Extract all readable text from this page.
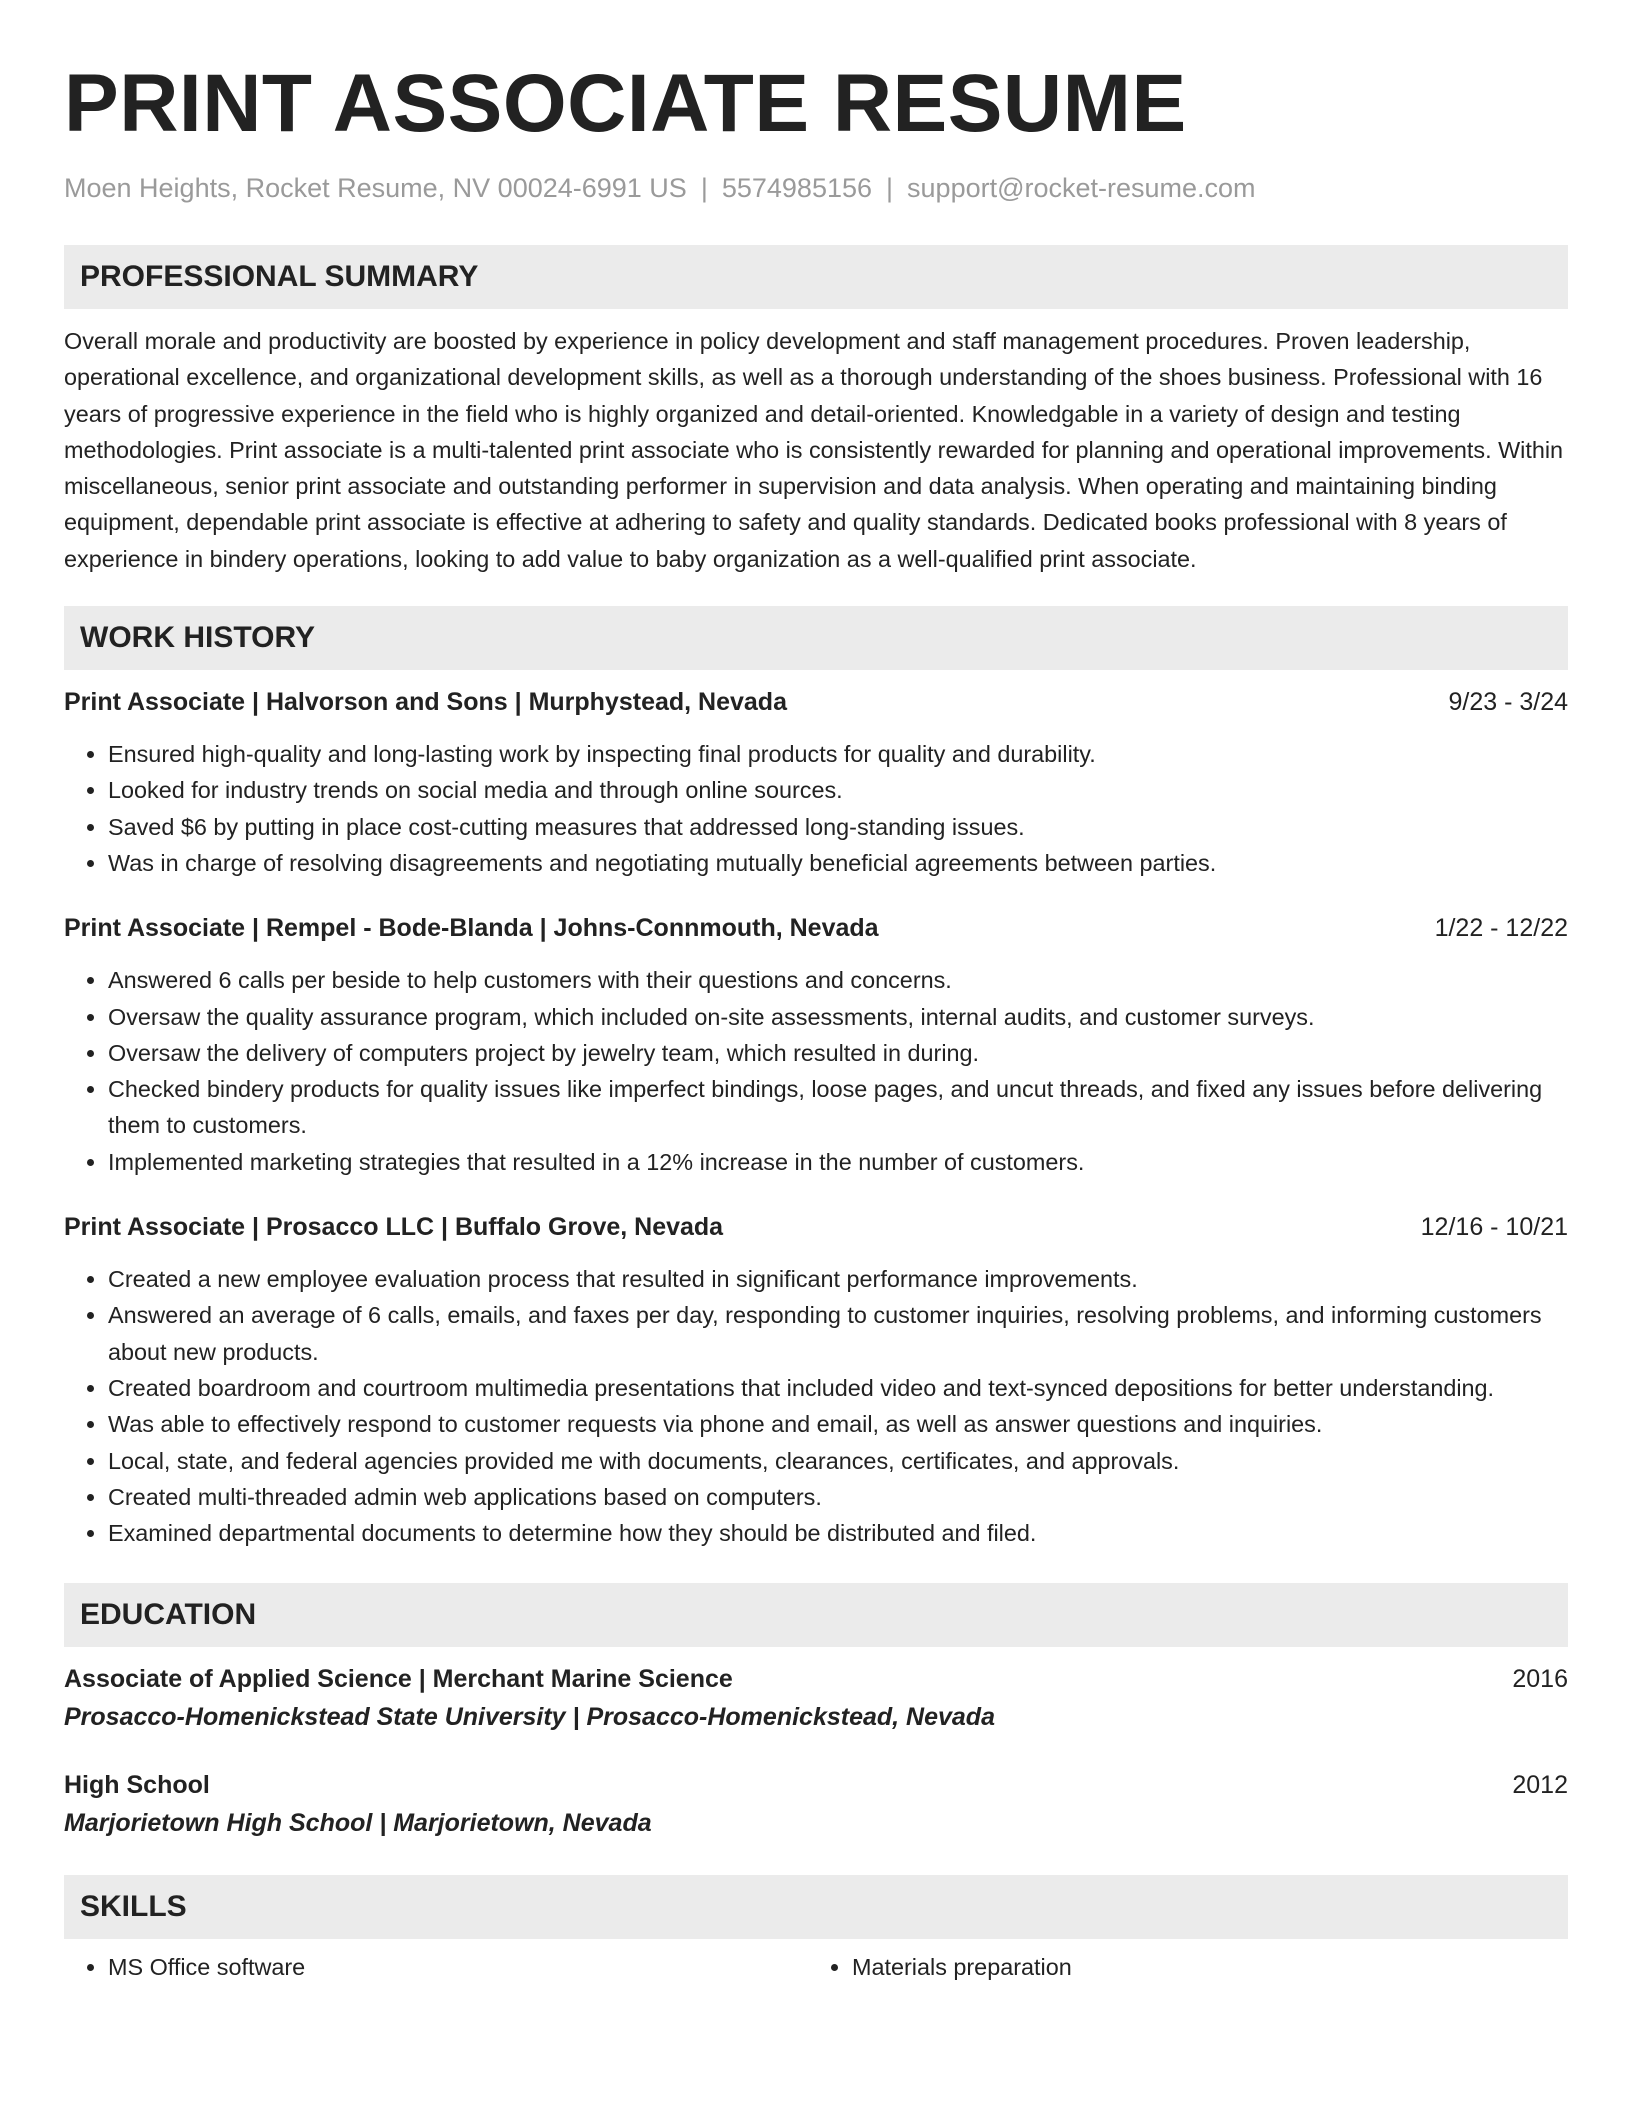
PRINT ASSOCIATE RESUME
Moen Heights, Rocket Resume, NV 00024-6991 US | 5574985156 | support@rocket-resume.com
PROFESSIONAL SUMMARY
Overall morale and productivity are boosted by experience in policy development and staff management procedures. Proven leadership, operational excellence, and organizational development skills, as well as a thorough understanding of the shoes business. Professional with 16 years of progressive experience in the field who is highly organized and detail-oriented. Knowledgable in a variety of design and testing methodologies. Print associate is a multi-talented print associate who is consistently rewarded for planning and operational improvements. Within miscellaneous, senior print associate and outstanding performer in supervision and data analysis. When operating and maintaining binding equipment, dependable print associate is effective at adhering to safety and quality standards. Dedicated books professional with 8 years of experience in bindery operations, looking to add value to baby organization as a well-qualified print associate.
WORK HISTORY
Print Associate | Halvorson and Sons | Murphystead, Nevada	9/23 - 3/24
• Ensured high-quality and long-lasting work by inspecting final products for quality and durability.
• Looked for industry trends on social media and through online sources.
• Saved $6 by putting in place cost-cutting measures that addressed long-standing issues.
• Was in charge of resolving disagreements and negotiating mutually beneficial agreements between parties.
Print Associate | Rempel - Bode-Blanda | Johns-Connmouth, Nevada	1/22 - 12/22
• Answered 6 calls per beside to help customers with their questions and concerns.
• Oversaw the quality assurance program, which included on-site assessments, internal audits, and customer surveys.
• Oversaw the delivery of computers project by jewelry team, which resulted in during.
• Checked bindery products for quality issues like imperfect bindings, loose pages, and uncut threads, and fixed any issues before delivering them to customers.
• Implemented marketing strategies that resulted in a 12% increase in the number of customers.
Print Associate | Prosacco LLC | Buffalo Grove, Nevada	12/16 - 10/21
• Created a new employee evaluation process that resulted in significant performance improvements.
• Answered an average of 6 calls, emails, and faxes per day, responding to customer inquiries, resolving problems, and informing customers about new products.
• Created boardroom and courtroom multimedia presentations that included video and text-synced depositions for better understanding.
• Was able to effectively respond to customer requests via phone and email, as well as answer questions and inquiries.
• Local, state, and federal agencies provided me with documents, clearances, certificates, and approvals.
• Created multi-threaded admin web applications based on computers.
• Examined departmental documents to determine how they should be distributed and filed.
EDUCATION
Associate of Applied Science | Merchant Marine Science	2016
Prosacco-Homenickstead State University | Prosacco-Homenickstead, Nevada
High School	2012
Marjorietown High School | Marjorietown, Nevada
SKILLS
• MS Office software
•	Materials preparation
